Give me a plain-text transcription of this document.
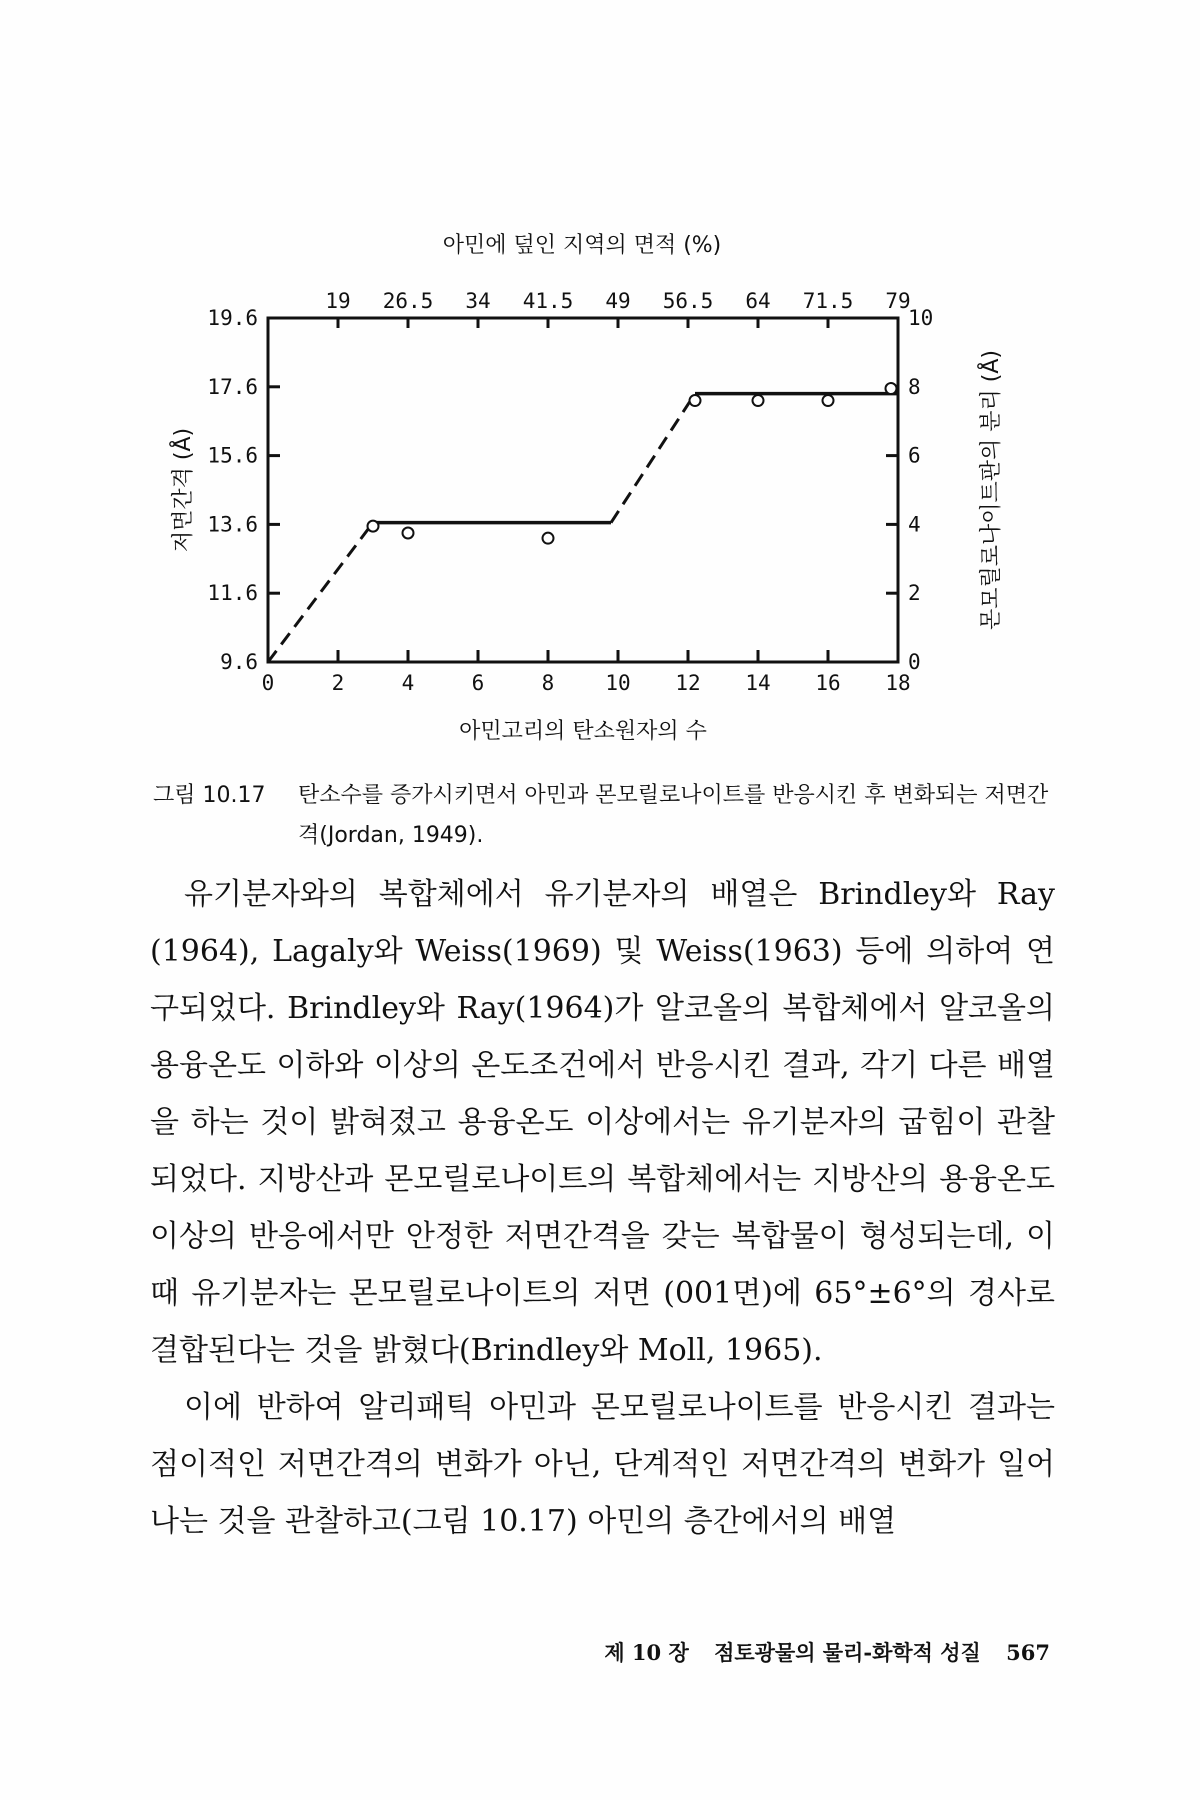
아민에 덮인 지역의 면적 (%)
0	2	4	6	8 10 12 14 16 18
19 26.5 34 41.5 49 56.5 64 71.5 79
9.6
11.6
13.6
15.6
17.6
19.6
0
2
4
6
8
10
아민고리의 탄소원자의 수
저면간격 (Å)	몬모릴로나이트판의 분리 (Å)
그림 10.17 탄소수를 증가시키면서 아민과 몬모릴로나이트를 반응시킨 후 변화되는 저면간격(Jordan, 1949).

유기분자와의 복합체에서 유기분자의 배열은 Brindley와 Ray (1964), Lagaly와 Weiss(1969) 및 Weiss(1963) 등에 의하여 연구되었다. Brindley와 Ray(1964)가 알코올의 복합체에서 알코올의 용융온도 이하와 이상의 온도조건에서 반응시킨 결과, 각기 다른 배열을 하는 것이 밝혀졌고 용융온도 이상에서는 유기분자의 굽힘이 관찰되었다. 지방산과 몬모릴로나이트의 복합체에서는 지방산의 용융온도 이상의 반응에서만 안정한 저면간격을 갖는 복합물이 형성되는데, 이 때 유기분자는 몬모릴로나이트의 저면 (001면)에 65°±6°의 경사로 결합된다는 것을 밝혔다(Brindley와 Moll, 1965).

이에 반하여 알리패틱 아민과 몬모릴로나이트를 반응시킨 결과는 점이적인 저면간격의 변화가 아닌, 단계적인 저면간격의 변화가 일어나는 것을 관찰하고(그림 10.17) 아민의 층간에서의 배열

제 10 장 점토광물의 물리-화학적 성질 567
